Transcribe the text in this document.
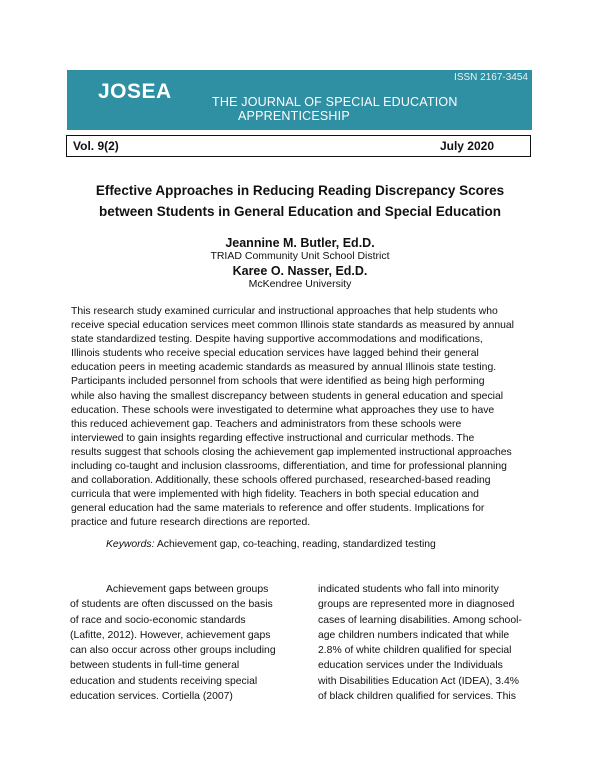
JOSEA
ISSN 2167-3454
THE JOURNAL OF SPECIAL EDUCATION
APPRENTICESHIP
Vol. 9(2)	July 2020
Effective Approaches in Reducing Reading Discrepancy Scores
between Students in General Education and Special Education
Jeannine M. Butler, Ed.D.
TRIAD Community Unit School District
Karee O. Nasser, Ed.D.
McKendree University
This research study examined curricular and instructional approaches that help students who
receive special education services meet common Illinois state standards as measured by annual
state standardized testing. Despite having supportive accommodations and modifications,
Illinois students who receive special education services have lagged behind their general
education peers in meeting academic standards as measured by annual Illinois state testing.
Participants included personnel from schools that were identified as being high performing
while also having the smallest discrepancy between students in general education and special
education. These schools were investigated to determine what approaches they use to have
this reduced achievement gap. Teachers and administrators from these schools were
interviewed to gain insights regarding effective instructional and curricular methods. The
results suggest that schools closing the achievement gap implemented instructional approaches
including co-taught and inclusion classrooms, differentiation, and time for professional planning
and collaboration. Additionally, these schools offered purchased, researched-based reading
curricula that were implemented with high fidelity. Teachers in both special education and
general education had the same materials to reference and offer students. Implications for
practice and future research directions are reported.
Keywords: Achievement gap, co-teaching, reading, standardized testing
Achievement gaps between groups
of students are often discussed on the basis
of race and socio-economic standards
(Lafitte, 2012). However, achievement gaps
can also occur across other groups including
between students in full-time general
education and students receiving special
education services. Cortiella (2007)
indicated students who fall into minority
groups are represented more in diagnosed
cases of learning disabilities. Among school-
age children numbers indicated that while
2.8% of white children qualified for special
education services under the Individuals
with Disabilities Education Act (IDEA), 3.4%
of black children qualified for services. This
